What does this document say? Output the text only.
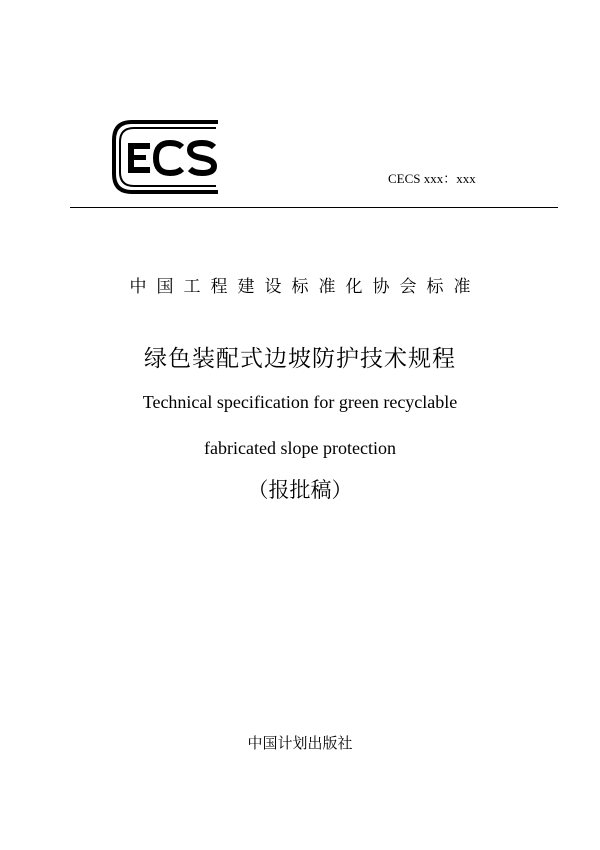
CECS xxx：xxx
中国工程建设标准化协会标准
绿色装配式边坡防护技术规程
Technical specification for green recyclable
fabricated slope protection
（报批稿）
中国计划出版社
